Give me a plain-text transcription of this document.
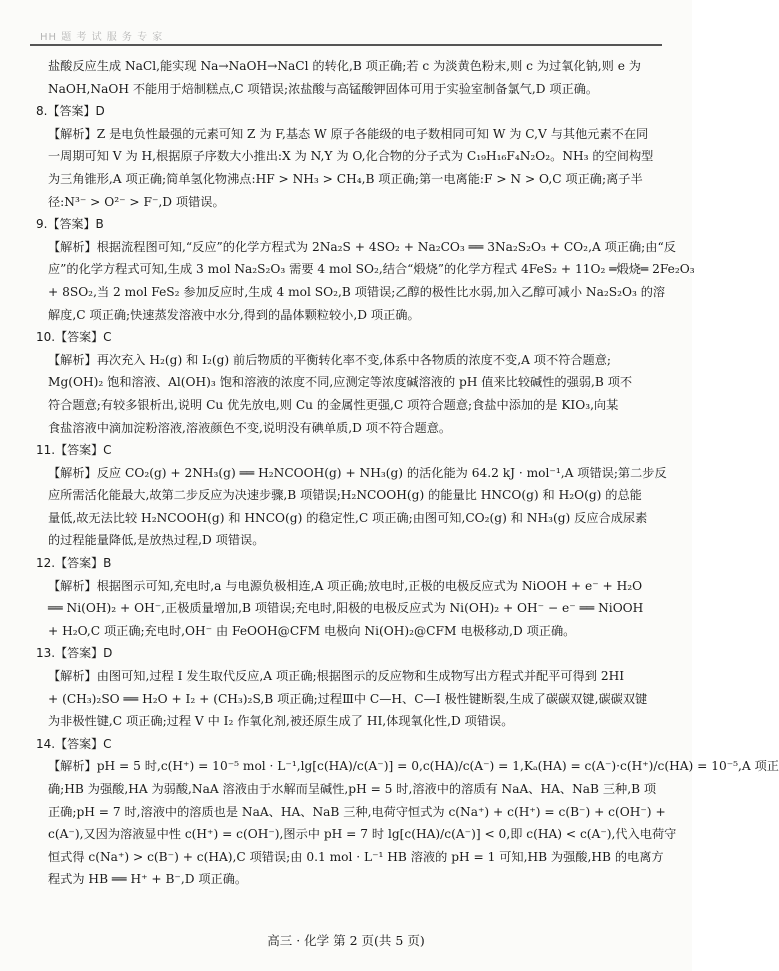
HH 题 考 试 服 务 专 家
盐酸反应生成 NaCl,能实现 Na→NaOH→NaCl 的转化,B 项正确;若 c 为淡黄色粉末,则 c 为过氧化钠,则 e 为
NaOH,NaOH 不能用于焙制糕点,C 项错误;浓盐酸与高锰酸钾固体可用于实验室制备氯气,D 项正确。
8.【答案】D
【解析】Z 是电负性最强的元素可知 Z 为 F,基态 W 原子各能级的电子数相同可知 W 为 C,V 与其他元素不在同
一周期可知 V 为 H,根据原子序数大小推出:X 为 N,Y 为 O,化合物的分子式为 C₁₉H₁₆F₄N₂O₂。NH₃ 的空间构型
为三角锥形,A 项正确;简单氢化物沸点:HF > NH₃ > CH₄,B 项正确;第一电离能:F > N > O,C 项正确;离子半
径:N³⁻ > O²⁻ > F⁻,D 项错误。
9.【答案】B
【解析】根据流程图可知,“反应”的化学方程式为 2Na₂S + 4SO₂ + Na₂CO₃ ══ 3Na₂S₂O₃ + CO₂,A 项正确;由“反
应”的化学方程式可知,生成 3 mol Na₂S₂O₃ 需要 4 mol SO₂,结合“煅烧”的化学方程式 4FeS₂ + 11O₂ ═煅烧═ 2Fe₂O₃
+ 8SO₂,当 2 mol FeS₂ 参加反应时,生成 4 mol SO₂,B 项错误;乙醇的极性比水弱,加入乙醇可减小 Na₂S₂O₃ 的溶
解度,C 项正确;快速蒸发溶液中水分,得到的晶体颗粒较小,D 项正确。
10.【答案】C
【解析】再次充入 H₂(g) 和 I₂(g) 前后物质的平衡转化率不变,体系中各物质的浓度不变,A 项不符合题意;
Mg(OH)₂ 饱和溶液、Al(OH)₃ 饱和溶液的浓度不同,应测定等浓度碱溶液的 pH 值来比较碱性的强弱,B 项不
符合题意;有较多银析出,说明 Cu 优先放电,则 Cu 的金属性更强,C 项符合题意;食盐中添加的是 KIO₃,向某
食盐溶液中滴加淀粉溶液,溶液颜色不变,说明没有碘单质,D 项不符合题意。
11.【答案】C
【解析】反应 CO₂(g) + 2NH₃(g) ══ H₂NCOOH(g) + NH₃(g) 的活化能为 64.2 kJ · mol⁻¹,A 项错误;第二步反
应所需活化能最大,故第二步反应为决速步骤,B 项错误;H₂NCOOH(g) 的能量比 HNCO(g) 和 H₂O(g) 的总能
量低,故无法比较 H₂NCOOH(g) 和 HNCO(g) 的稳定性,C 项正确;由图可知,CO₂(g) 和 NH₃(g) 反应合成尿素
的过程能量降低,是放热过程,D 项错误。
12.【答案】B
【解析】根据图示可知,充电时,a 与电源负极相连,A 项正确;放电时,正极的电极反应式为 NiOOH + e⁻ + H₂O
══ Ni(OH)₂ + OH⁻,正极质量增加,B 项错误;充电时,阳极的电极反应式为 Ni(OH)₂ + OH⁻ − e⁻ ══ NiOOH
+ H₂O,C 项正确;充电时,OH⁻ 由 FeOOH@CFM 电极向 Ni(OH)₂@CFM 电极移动,D 项正确。
13.【答案】D
【解析】由图可知,过程 I 发生取代反应,A 项正确;根据图示的反应物和生成物写出方程式并配平可得到 2HI
+ (CH₃)₂SO ══ H₂O + I₂ + (CH₃)₂S,B 项正确;过程Ⅲ中 C—H、C—I 极性键断裂,生成了碳碳双键,碳碳双键
为非极性键,C 项正确;过程 V 中 I₂ 作氧化剂,被还原生成了 HI,体现氧化性,D 项错误。
14.【答案】C
【解析】pH = 5 时,c(H⁺) = 10⁻⁵ mol · L⁻¹,lg[c(HA)/c(A⁻)] = 0,c(HA)/c(A⁻) = 1,Kₐ(HA) = c(A⁻)·c(H⁺)/c(HA) = 10⁻⁵,A 项正
确;HB 为强酸,HA 为弱酸,NaA 溶液由于水解而呈碱性,pH = 5 时,溶液中的溶质有 NaA、HA、NaB 三种,B 项
正确;pH = 7 时,溶液中的溶质也是 NaA、HA、NaB 三种,电荷守恒式为 c(Na⁺) + c(H⁺) = c(B⁻) + c(OH⁻) +
c(A⁻),又因为溶液显中性 c(H⁺) = c(OH⁻),图示中 pH = 7 时 lg[c(HA)/c(A⁻)] < 0,即 c(HA) < c(A⁻),代入电荷守
恒式得 c(Na⁺) > c(B⁻) + c(HA),C 项错误;由 0.1 mol · L⁻¹ HB 溶液的 pH = 1 可知,HB 为强酸,HB 的电离方
程式为 HB ══ H⁺ + B⁻,D 项正确。
高三 · 化学 第 2 页(共 5 页)
